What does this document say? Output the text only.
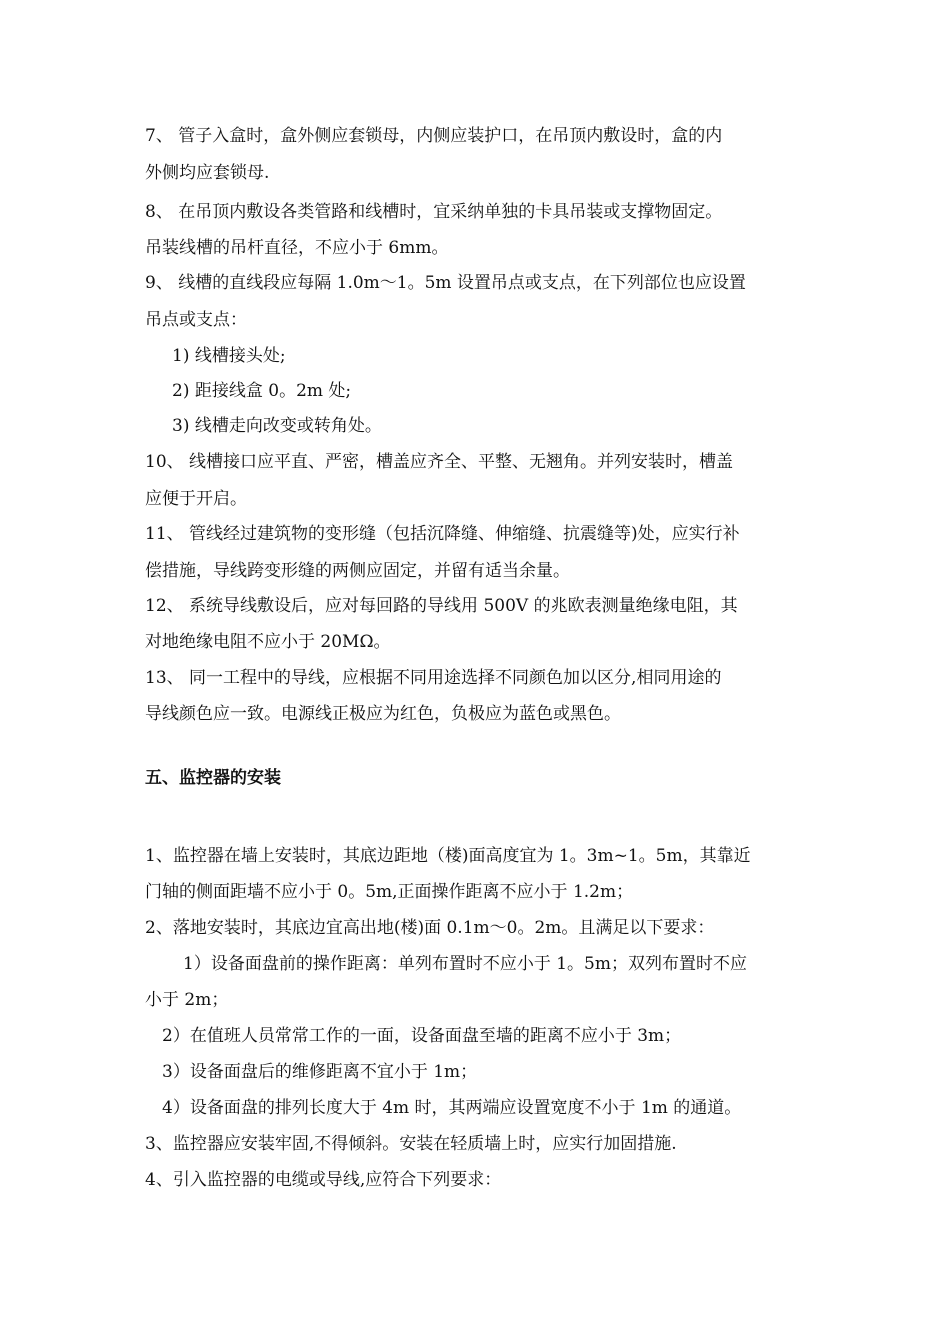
7、 管子入盒时，盒外侧应套锁母，内侧应装护口，在吊顶内敷设时，盒的内
外侧均应套锁母.
8、 在吊顶内敷设各类管路和线槽时，宜采纳单独的卡具吊装或支撑物固定。
吊装线槽的吊杆直径，不应小于 6mm。
9、 线槽的直线段应每隔 1.0m～1。5m 设置吊点或支点，在下列部位也应设置
吊点或支点：
1) 线槽接头处;
2) 距接线盒 0。2m 处;
3) 线槽走向改变或转角处。
10、 线槽接口应平直、严密，槽盖应齐全、平整、无翘角。并列安装时，槽盖
应便于开启。
11、 管线经过建筑物的变形缝（包括沉降缝、伸缩缝、抗震缝等)处，应实行补
偿措施，导线跨变形缝的两侧应固定，并留有适当余量。
12、 系统导线敷设后，应对每回路的导线用 500V 的兆欧表测量绝缘电阻，其
对地绝缘电阻不应小于 20MΩ。
13、 同一工程中的导线，应根据不同用途选择不同颜色加以区分,相同用途的
导线颜色应一致。电源线正极应为红色，负极应为蓝色或黑色。
五、监控器的安装
1、监控器在墙上安装时，其底边距地（楼)面高度宜为 1。3m~1。5m，其靠近
门轴的侧面距墙不应小于 0。5m,正面操作距离不应小于 1.2m；
2、落地安装时，其底边宜高出地(楼)面 0.1m～0。2m。且满足以下要求：
1）设备面盘前的操作距离：单列布置时不应小于 1。5m；双列布置时不应
小于 2m；
2）在值班人员常常工作的一面，设备面盘至墙的距离不应小于 3m；
3）设备面盘后的维修距离不宜小于 1m；
4）设备面盘的排列长度大于 4m 时，其两端应设置宽度不小于 1m 的通道。
3、监控器应安装牢固,不得倾斜。安装在轻质墙上时，应实行加固措施.
4、引入监控器的电缆或导线,应符合下列要求：
